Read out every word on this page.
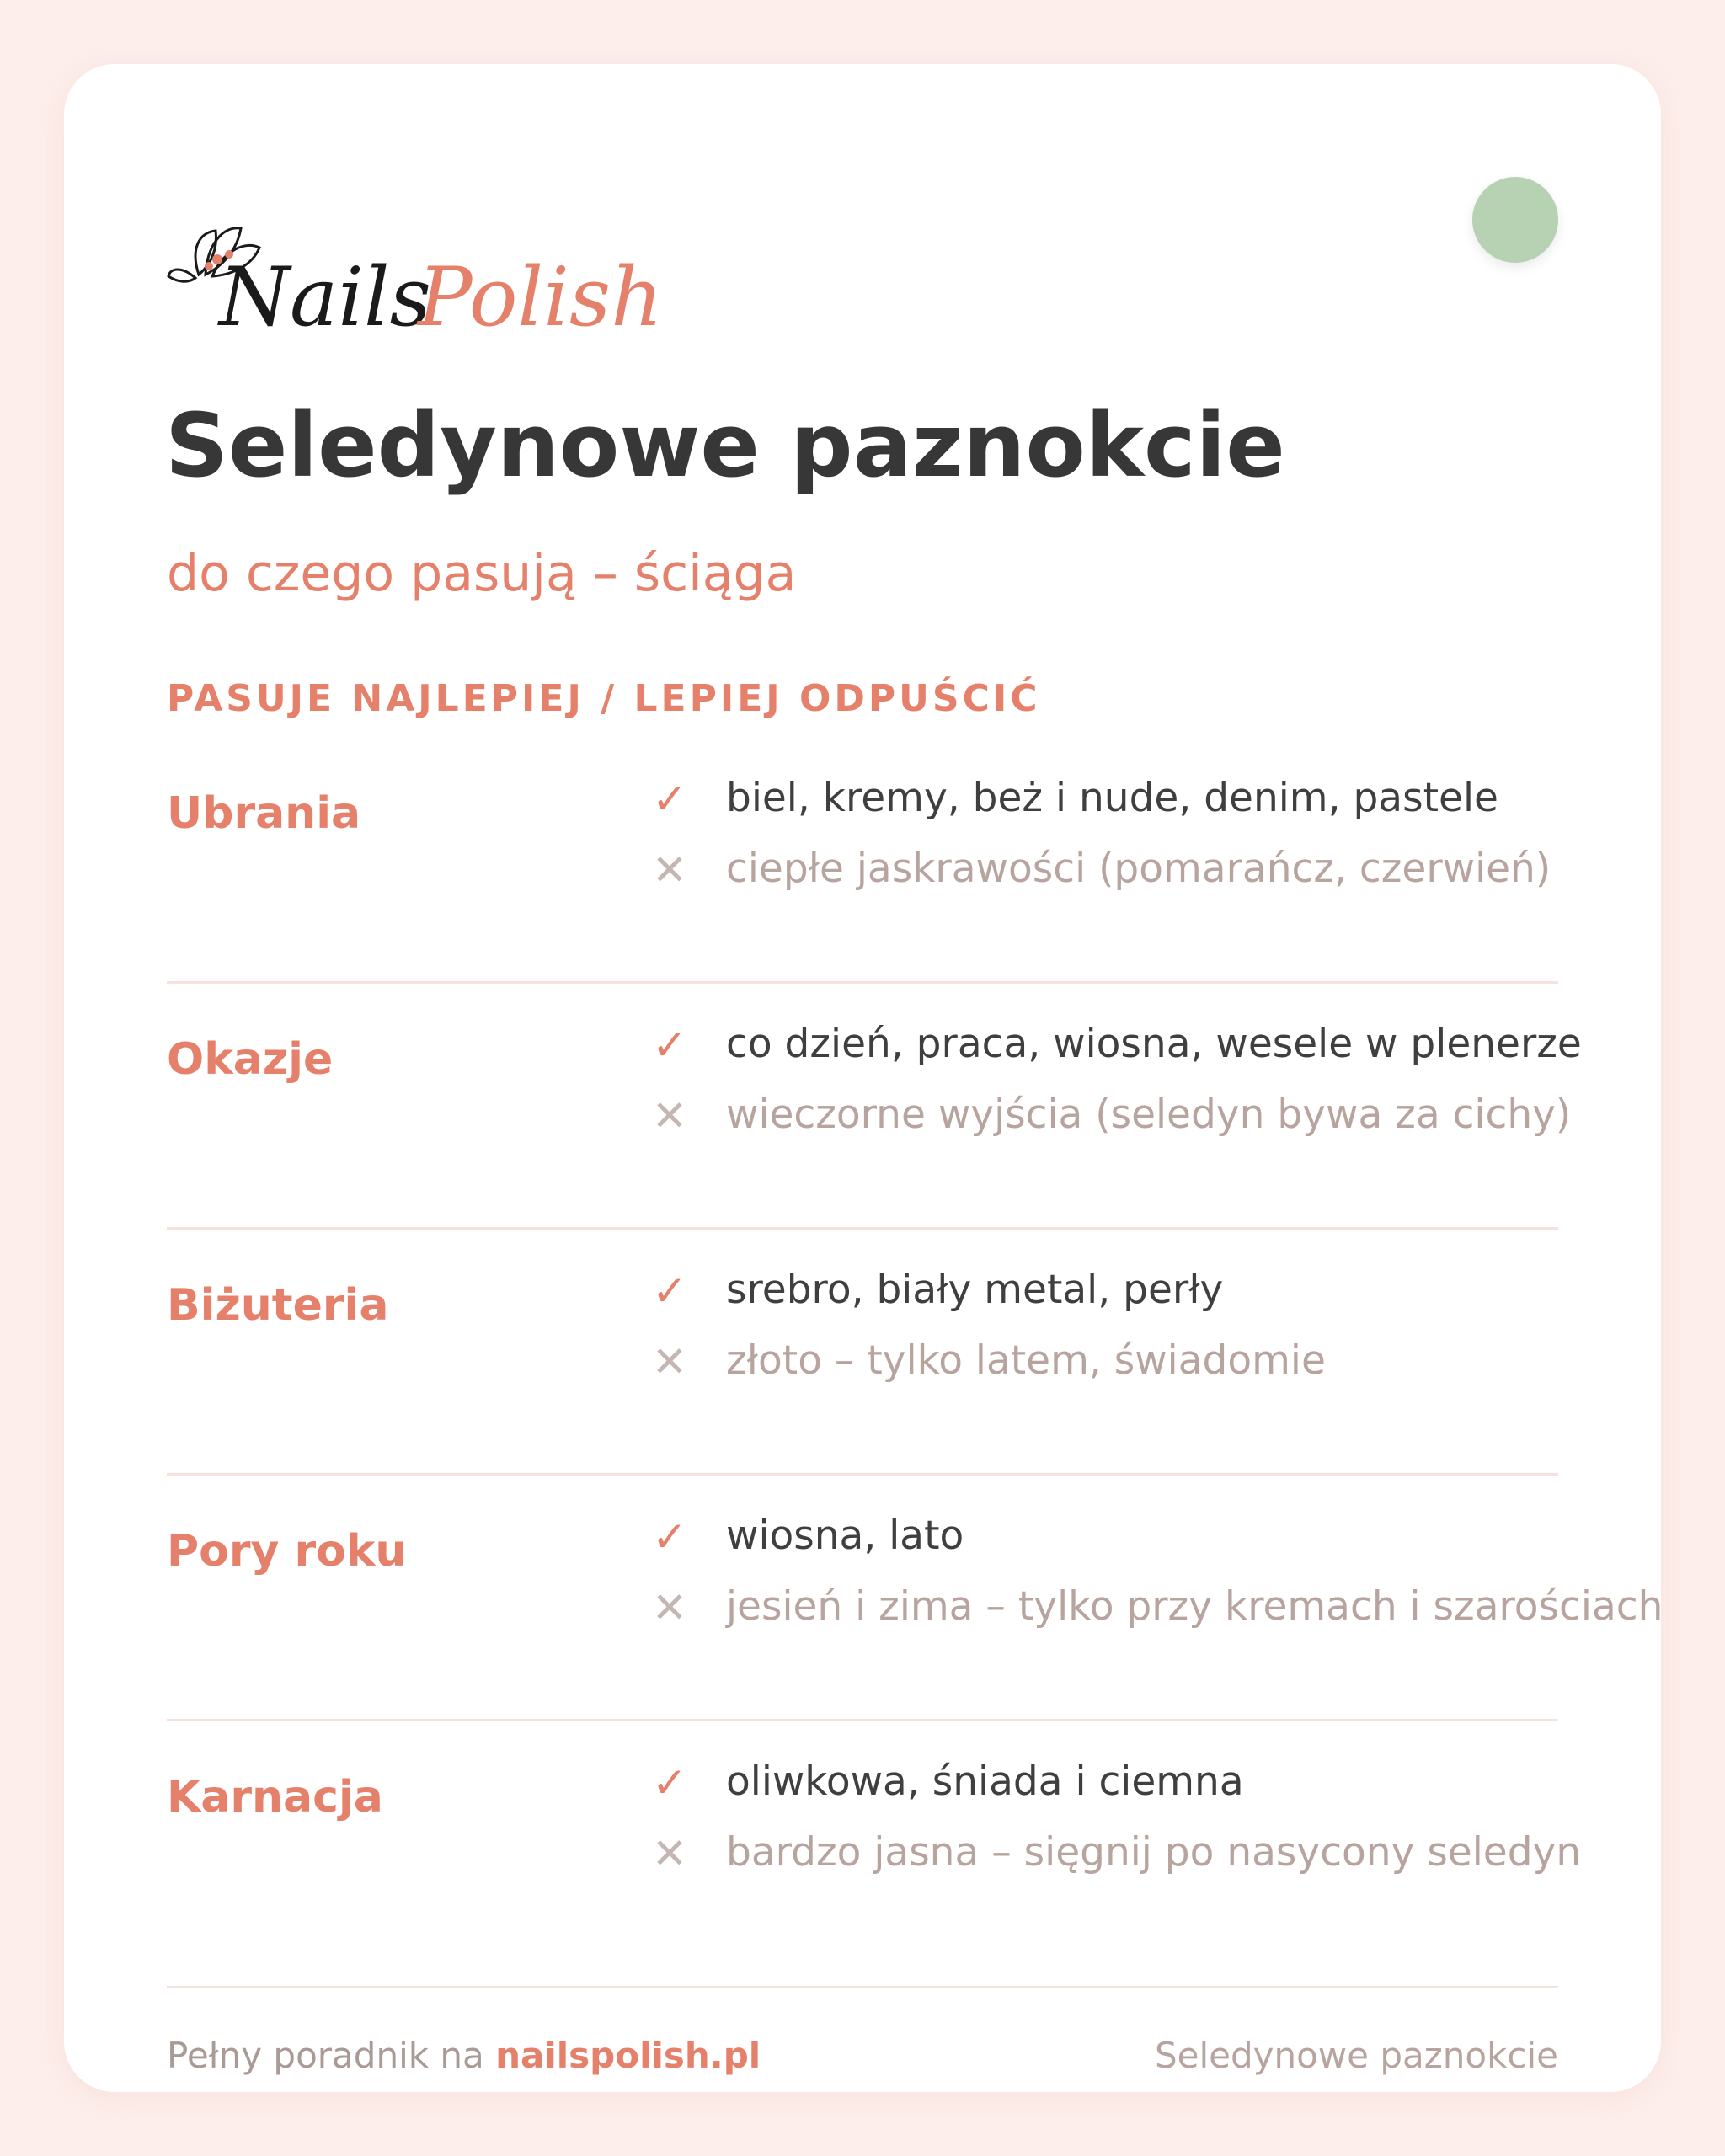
Nails
Polish
Seledynowe paznokcie
do czego pasują – ściąga
PASUJE NAJLEPIEJ / LEPIEJ ODPUŚCIĆ
Ubrania	✓ biel, kremy, beż i nude, denim, pastele
✕ ciepłe jaskrawości (pomarańcz, czerwień)
Okazje	✓ co dzień, praca, wiosna, wesele w plenerze
✕ wieczorne wyjścia (seledyn bywa za cichy)
Biżuteria	✓ srebro, biały metal, perły
✕ złoto – tylko latem, świadomie
Pory roku	✓ wiosna, lato
✕ jesień i zima – tylko przy kremach i szarościach
Karnacja	✓ oliwkowa, śniada i ciemna
✕ bardzo jasna – sięgnij po nasycony seledyn
Pełny poradnik na nailspolish.pl	Seledynowe paznokcie
